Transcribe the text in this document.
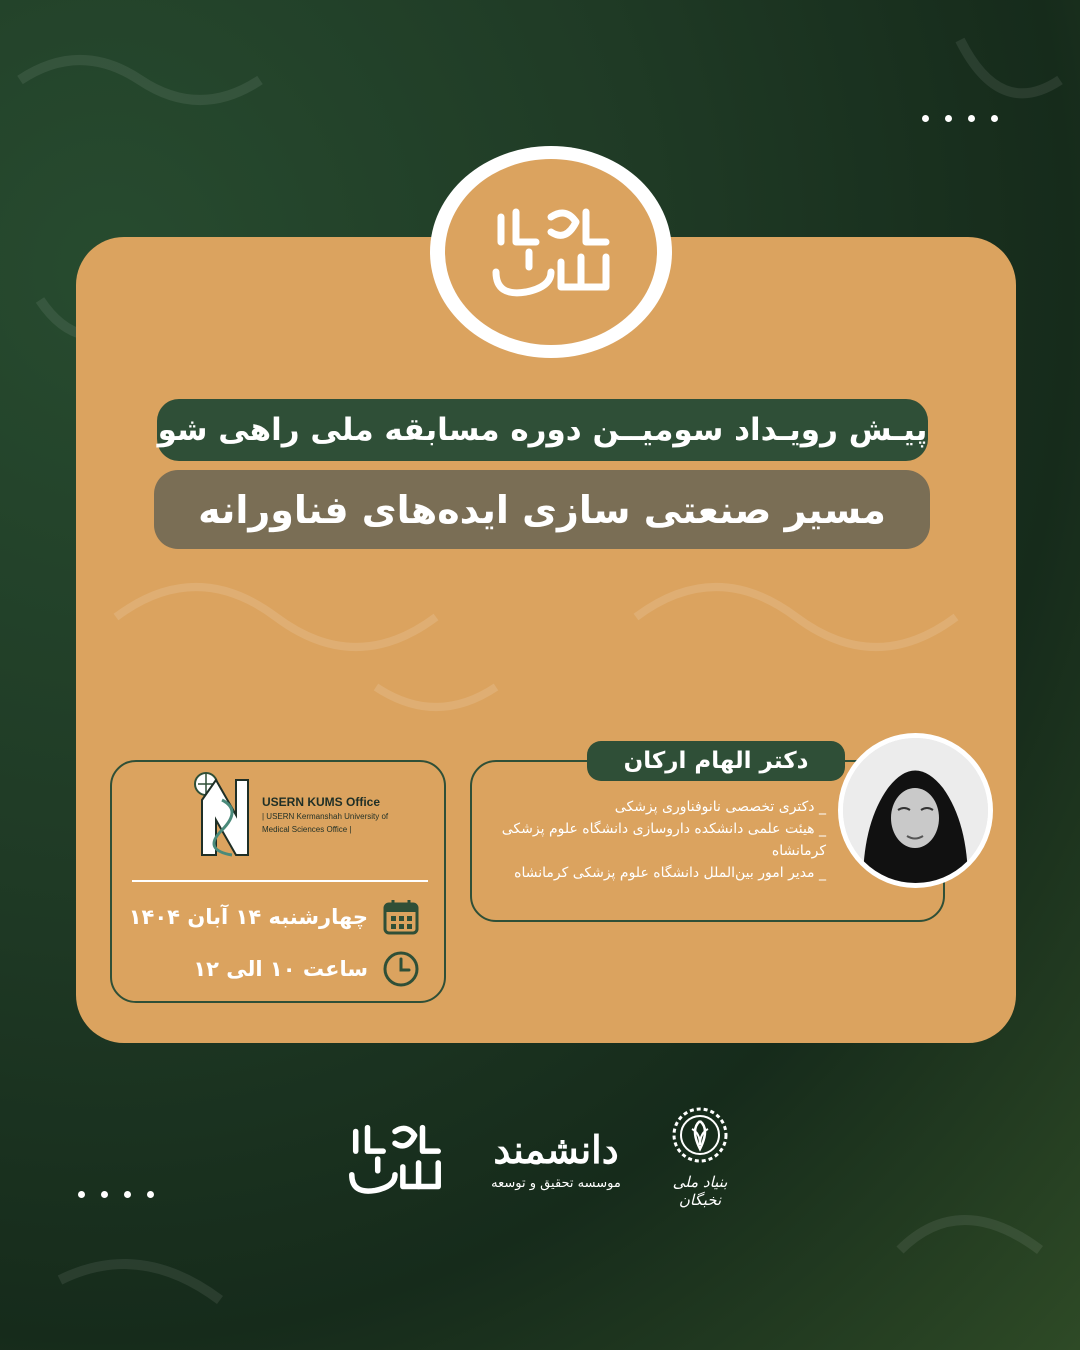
پیـش رویـداد سومیــن دوره مسابقه ملی راهی شو
مسیر صنعتی سازی ایده‌های فناورانه
USERN KUMS Office
| USERN Kermanshah University of
Medical Sciences Office |
چهارشنبه ۱۴ آبان ۱۴۰۴
ساعت ۱۰ الی ۱۲
دکتر الهام ارکان
_ دکتری تخصصی نانوفناوری پزشکی
_ هیئت علمی دانشکده داروسازی دانشگاه علوم پزشکی کرمانشاه
_ مدیر امور بین‌الملل دانشگاه علوم پزشکی کرمانشاه
دانشمند
موسسه تحقیق و توسعه	بنیاد ملی نخبگان
